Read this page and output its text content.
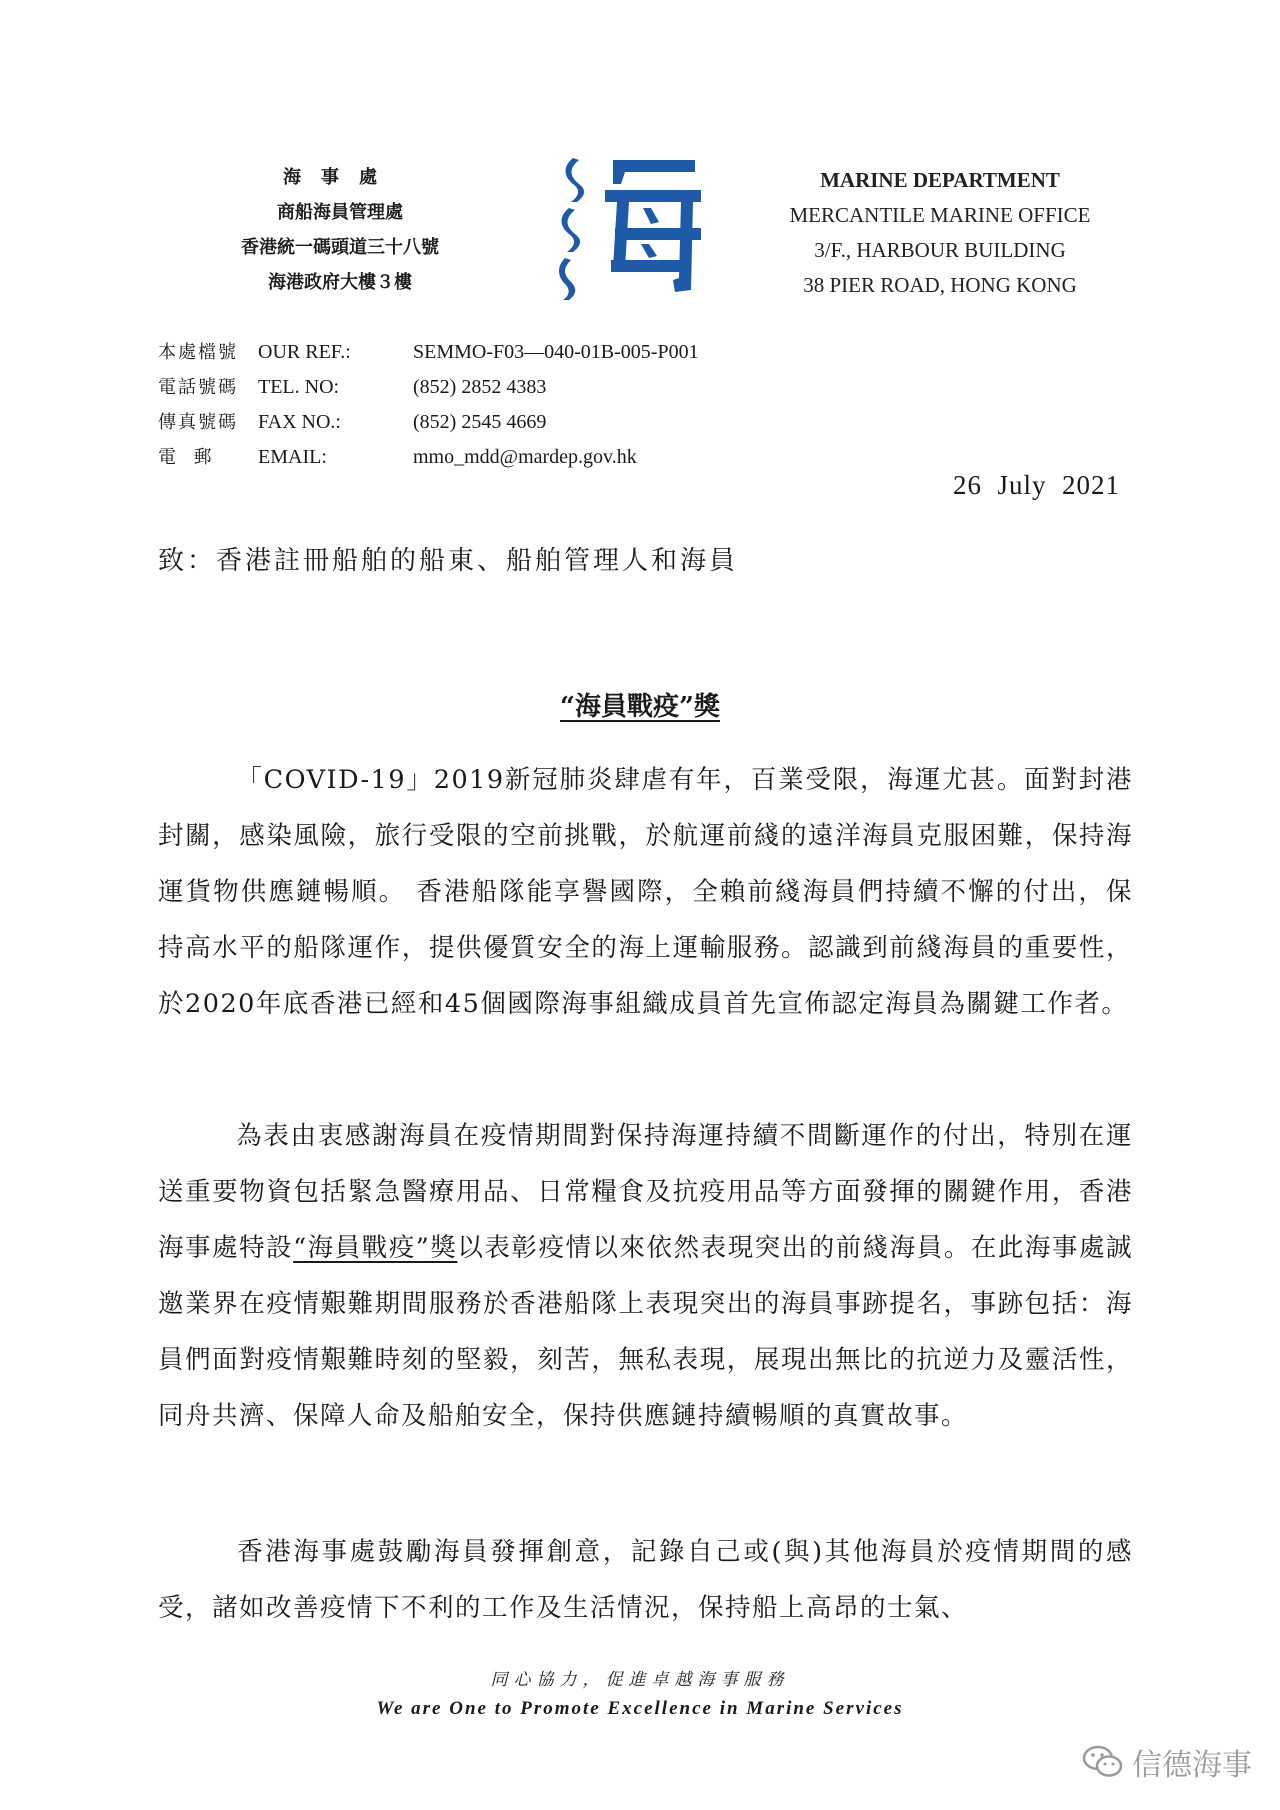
海事處
商船海員管理處
香港統一碼頭道三十八號
海港政府大樓３樓
MARINE DEPARTMENT
MERCANTILE MARINE OFFICE
3/F., HARBOUR BUILDING
38 PIER ROAD, HONG KONG
本處檔號	OUR REF.:	SEMMO-F03—040-01B-005-P001
電話號碼	TEL. NO:	(852) 2852 4383
傳真號碼	FAX NO.:	(852) 2545 4669
電  郵	EMAIL:	mmo_mdd@mardep.gov.hk
26  July  2021
致：香港註冊船舶的船東、船舶管理人和海員
“海員戰疫”獎

「COVID-19」2019新冠肺炎肆虐有年，百業受限，海運尤甚。面對封港封關，感染風險，旅行受限的空前挑戰，於航運前綫的遠洋海員克服困難，保持海運貨物供應鏈暢順。 香港船隊能享譽國際，全賴前綫海員們持續不懈的付出，保持高水平的船隊運作，提供優質安全的海上運輸服務。認識到前綫海員的重要性，於2020年底香港已經和45個國際海事組織成員首先宣佈認定海員為關鍵工作者。

為表由衷感謝海員在疫情期間對保持海運持續不間斷運作的付出，特別在運送重要物資包括緊急醫療用品、日常糧食及抗疫用品等方面發揮的關鍵作用，香港海事處特設“海員戰疫”獎以表彰疫情以來依然表現突出的前綫海員。在此海事處誠邀業界在疫情艱難期間服務於香港船隊上表現突出的海員事跡提名，事跡包括：海員們面對疫情艱難時刻的堅毅，刻苦，無私表現，展現出無比的抗逆力及靈活性，同舟共濟、保障人命及船舶安全，保持供應鏈持續暢順的真實故事。

香港海事處鼓勵海員發揮創意，記錄自己或(與)其他海員於疫情期間的感受，諸如改善疫情下不利的工作及生活情況，保持船上高昂的士氣、

同心協力，促進卓越海事服務
We are One to Promote Excellence in Marine Services
信德海事
